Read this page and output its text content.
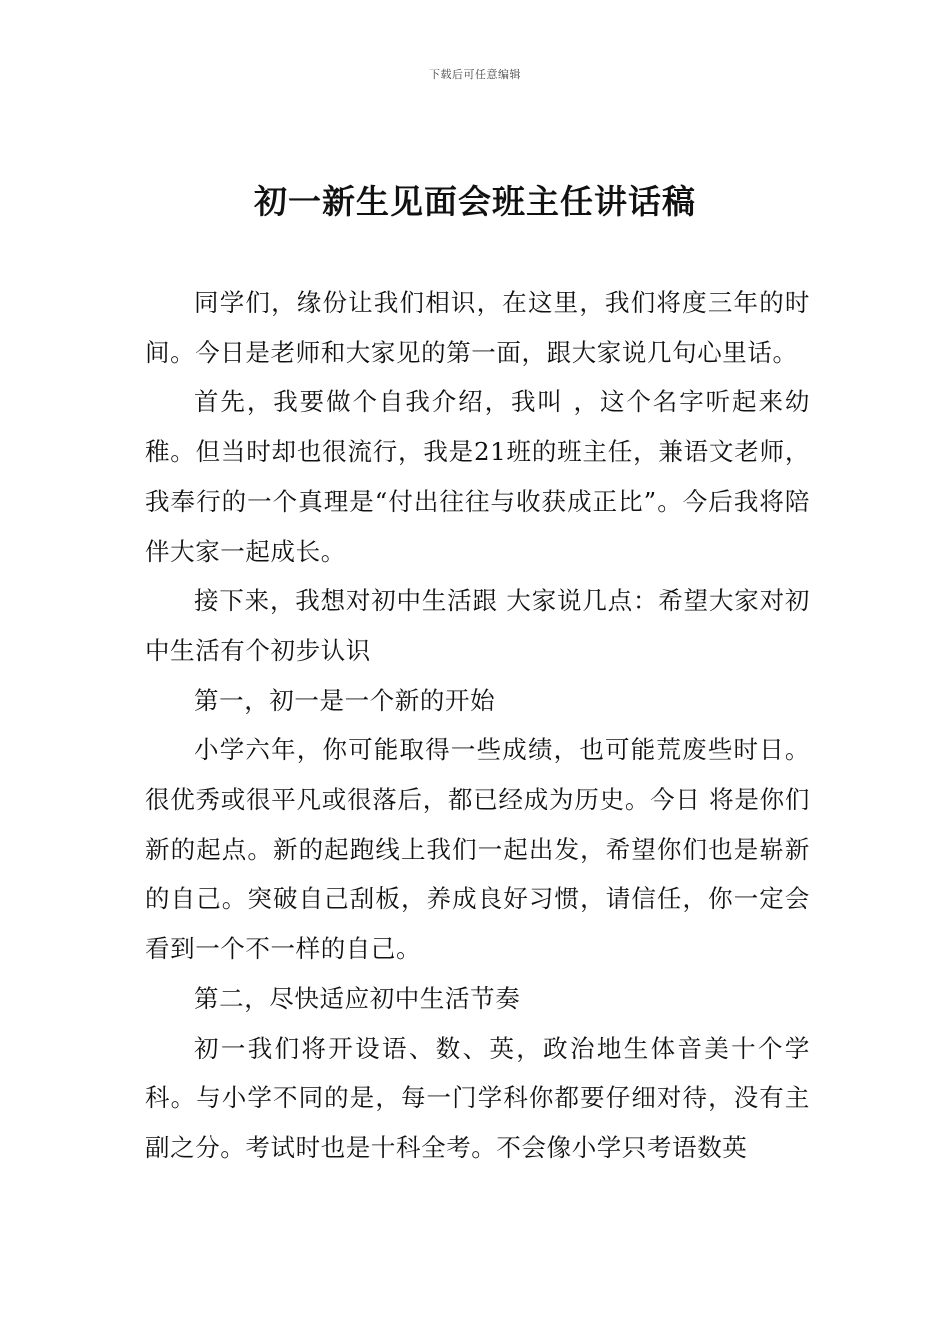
下载后可任意编辑
初一新生见面会班主任讲话稿

同学们，缘份让我们相识，在这里，我们将度三年的时间。今日是老师和大家见的第一面，跟大家说几句心里话。

首先，我要做个自我介绍，我叫 ，这个名字听起来幼稚。但当时却也很流行，我是21班的班主任，兼语文老师，我奉行的一个真理是“付出往往与收获成正比”。今后我将陪伴大家一起成长。

接下来，我想对初中生活跟 大家说几点：希望大家对初中生活有个初步认识

第一，初一是一个新的开始

小学六年，你可能取得一些成绩，也可能荒废些时日。很优秀或很平凡或很落后，都已经成为历史。今日 将是你们新的起点。新的起跑线上我们一起出发，希望你们也是崭新的自己。突破自己刮板，养成良好习惯，请信任，你一定会看到一个不一样的自己。

第二，尽快适应初中生活节奏

初一我们将开设语、数、英，政治地生体音美十个学科。与小学不同的是，每一门学科你都要仔细对待，没有主副之分。考试时也是十科全考。不会像小学只考语数英
